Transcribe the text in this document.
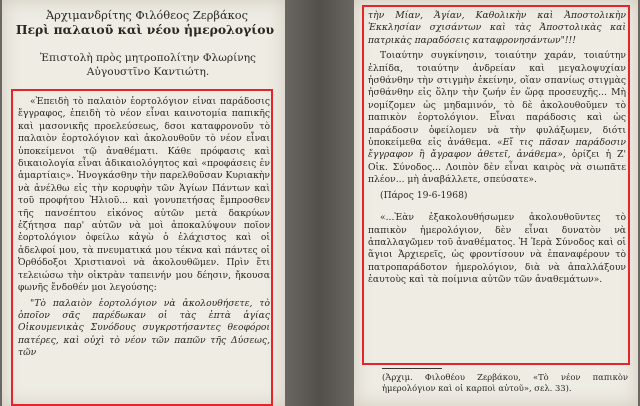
Ἀρχιμανδρίτης Φιλόθεος Ζερβάκος
Περὶ παλαιοῦ καὶ νέου ἡμερολογίου
Ἐπιστολὴ πρὸς μητροπολίτην Φλωρίνης Αὐγουστῖνο Καντιώτη.

«Ἐπειδὴ τὸ παλαιὸν ἑορτολόγιον εἶναι παράδοσις ἔγγραφος, ἐπειδὴ τὸ νέον εἶναι καινοτομία παπικῆς καὶ μασονικῆς προελεύσεως, δσοι καταφρονοῦν τὸ παλαιὸν ἑορτολόγιον καὶ ἀκολουθοῦν τὸ νέον εἶναι ὑποκείμενοι τῷ ἀναθέματι. Κάθε πρόφασις καὶ δικαιολογία εἶναι ἀδικαιολόγητος καὶ «προφάσεις ἐν ἁμαρτίαις». Ἠνογκάσθην τὴν παρελθοῦσαν Κυριακὴν νὰ ἀνέλθω εἰς τὴν κορυφὴν τῶν Ἁγίων Πάντων καὶ τοῦ προφήτου Ἠλιοῦ... καὶ γονυπετήσας ἔμπροσθεν τῆς πανσέπτου εἰκόνος αὐτῶν μετὰ δακρύων ἐζήτησα παρ' αὐτῶν νὰ μοὶ ἀποκαλύψουν ποῖον ἑορτολόγιον ὀφείλω κἀγὼ ὁ ἐλάχιστος καὶ οἱ ἀδελφοί μου, τὰ πνευματικά μου τέκνα καὶ πάντες οἱ Ὀρθόδοξοι Χριστιανοὶ νὰ ἀκολουθῶμεν. Πρὶν ἔτι τελειώσω τὴν οἰκτρὰν ταπεινήν μου δέησιν, ἤκουσα φωνῆς ἔνδοθέν μοι λεγούσης:

"Τὸ παλαιὸν ἑορτολόγιον νὰ ἀκολουθήσετε, τὸ ὁποῖον σᾶς παρέδωκαν οἱ τὰς ἑπτὰ ἁγίας Οἰκουμενικὰς Συνόδους συγκροτήσαντες θεοφόροι πατέρες, καὶ οὐχὶ τὸ νέον τῶν παπῶν τῆς Δύσεως, τῶν

τὴν Μίαν, Ἁγίαν, Καθολικὴν καὶ Ἀποστολικὴν Ἐκκλησίαν σχισάντων καὶ τὰς Ἀποστολικὰς καὶ πατρικὰς παραδόσεις καταφρονησάντων"!!!

Τοιαύτην συγκίνησιν, τοιαύτην χαράν, τοιαύτην ἐλπίδα, τοιαύτην ἀνδρείαν καὶ μεγαλοψυχίαν ἠσθάνθην τὴν στιγμὴν ἐκείνην, οἵαν σπανίως στιγμὰς ἠσθάνθην εἰς ὅλην τὴν ζωήν ἐν ὥρᾳ προσευχῆς... Μὴ νομίζομεν ὡς μηδαμινόν, τὸ δὲ ἀκολουθοῦμεν τὸ παπικὸν ἑορτολόγιον. Εἶναι παράδοσις καὶ ὡς παράδοσιν ὀφείλομεν νὰ τὴν φυλάξωμεν, διότι ὑποκείμεθα εἰς ἀνάθεμα. «Εἴ τις πᾶσαν παράδοσιν ἔγγραφον ἢ ἄγραφον ἀθετεῖ, ἀνάθεμα», ὁρίζει ἡ Ζ' Οἰκ. Σύνοδος... Λοιπὸν δὲν εἶναι καιρὸς νὰ σιωπᾶτε πλέον... μὴ ἀναβάλλετε, σπεύσατε».

(Πάρος 19-6-1968)

«...Ἐὰν ἐξακολουθήσωμεν ἀκολουθοῦντες τὸ παπικὸν ἡμερολόγιον, δὲν εἶναι δυνατὸν νὰ ἀπαλλαγῶμεν τοῦ ἀναθέματος. Ἡ Ἱερὰ Σύνοδος καὶ οἱ ἅγιοι Ἀρχιερεῖς, ὡς φροντίσουν νὰ ἐπαναφέρουν τὸ πατροπαράδοτον ἡμερολόγιον, διὰ νὰ ἀπαλλάξουν ἑαυτοὺς καὶ τὰ ποίμνια αὐτῶν τῶν ἀναθεμάτων».

(Ἀρχιμ. Φιλοθέου Ζερβάκου, «Τὸ νέον παπικὸν ἡμερολόγιον καὶ οἱ καρποὶ αὐτοῦ», σελ. 33).
